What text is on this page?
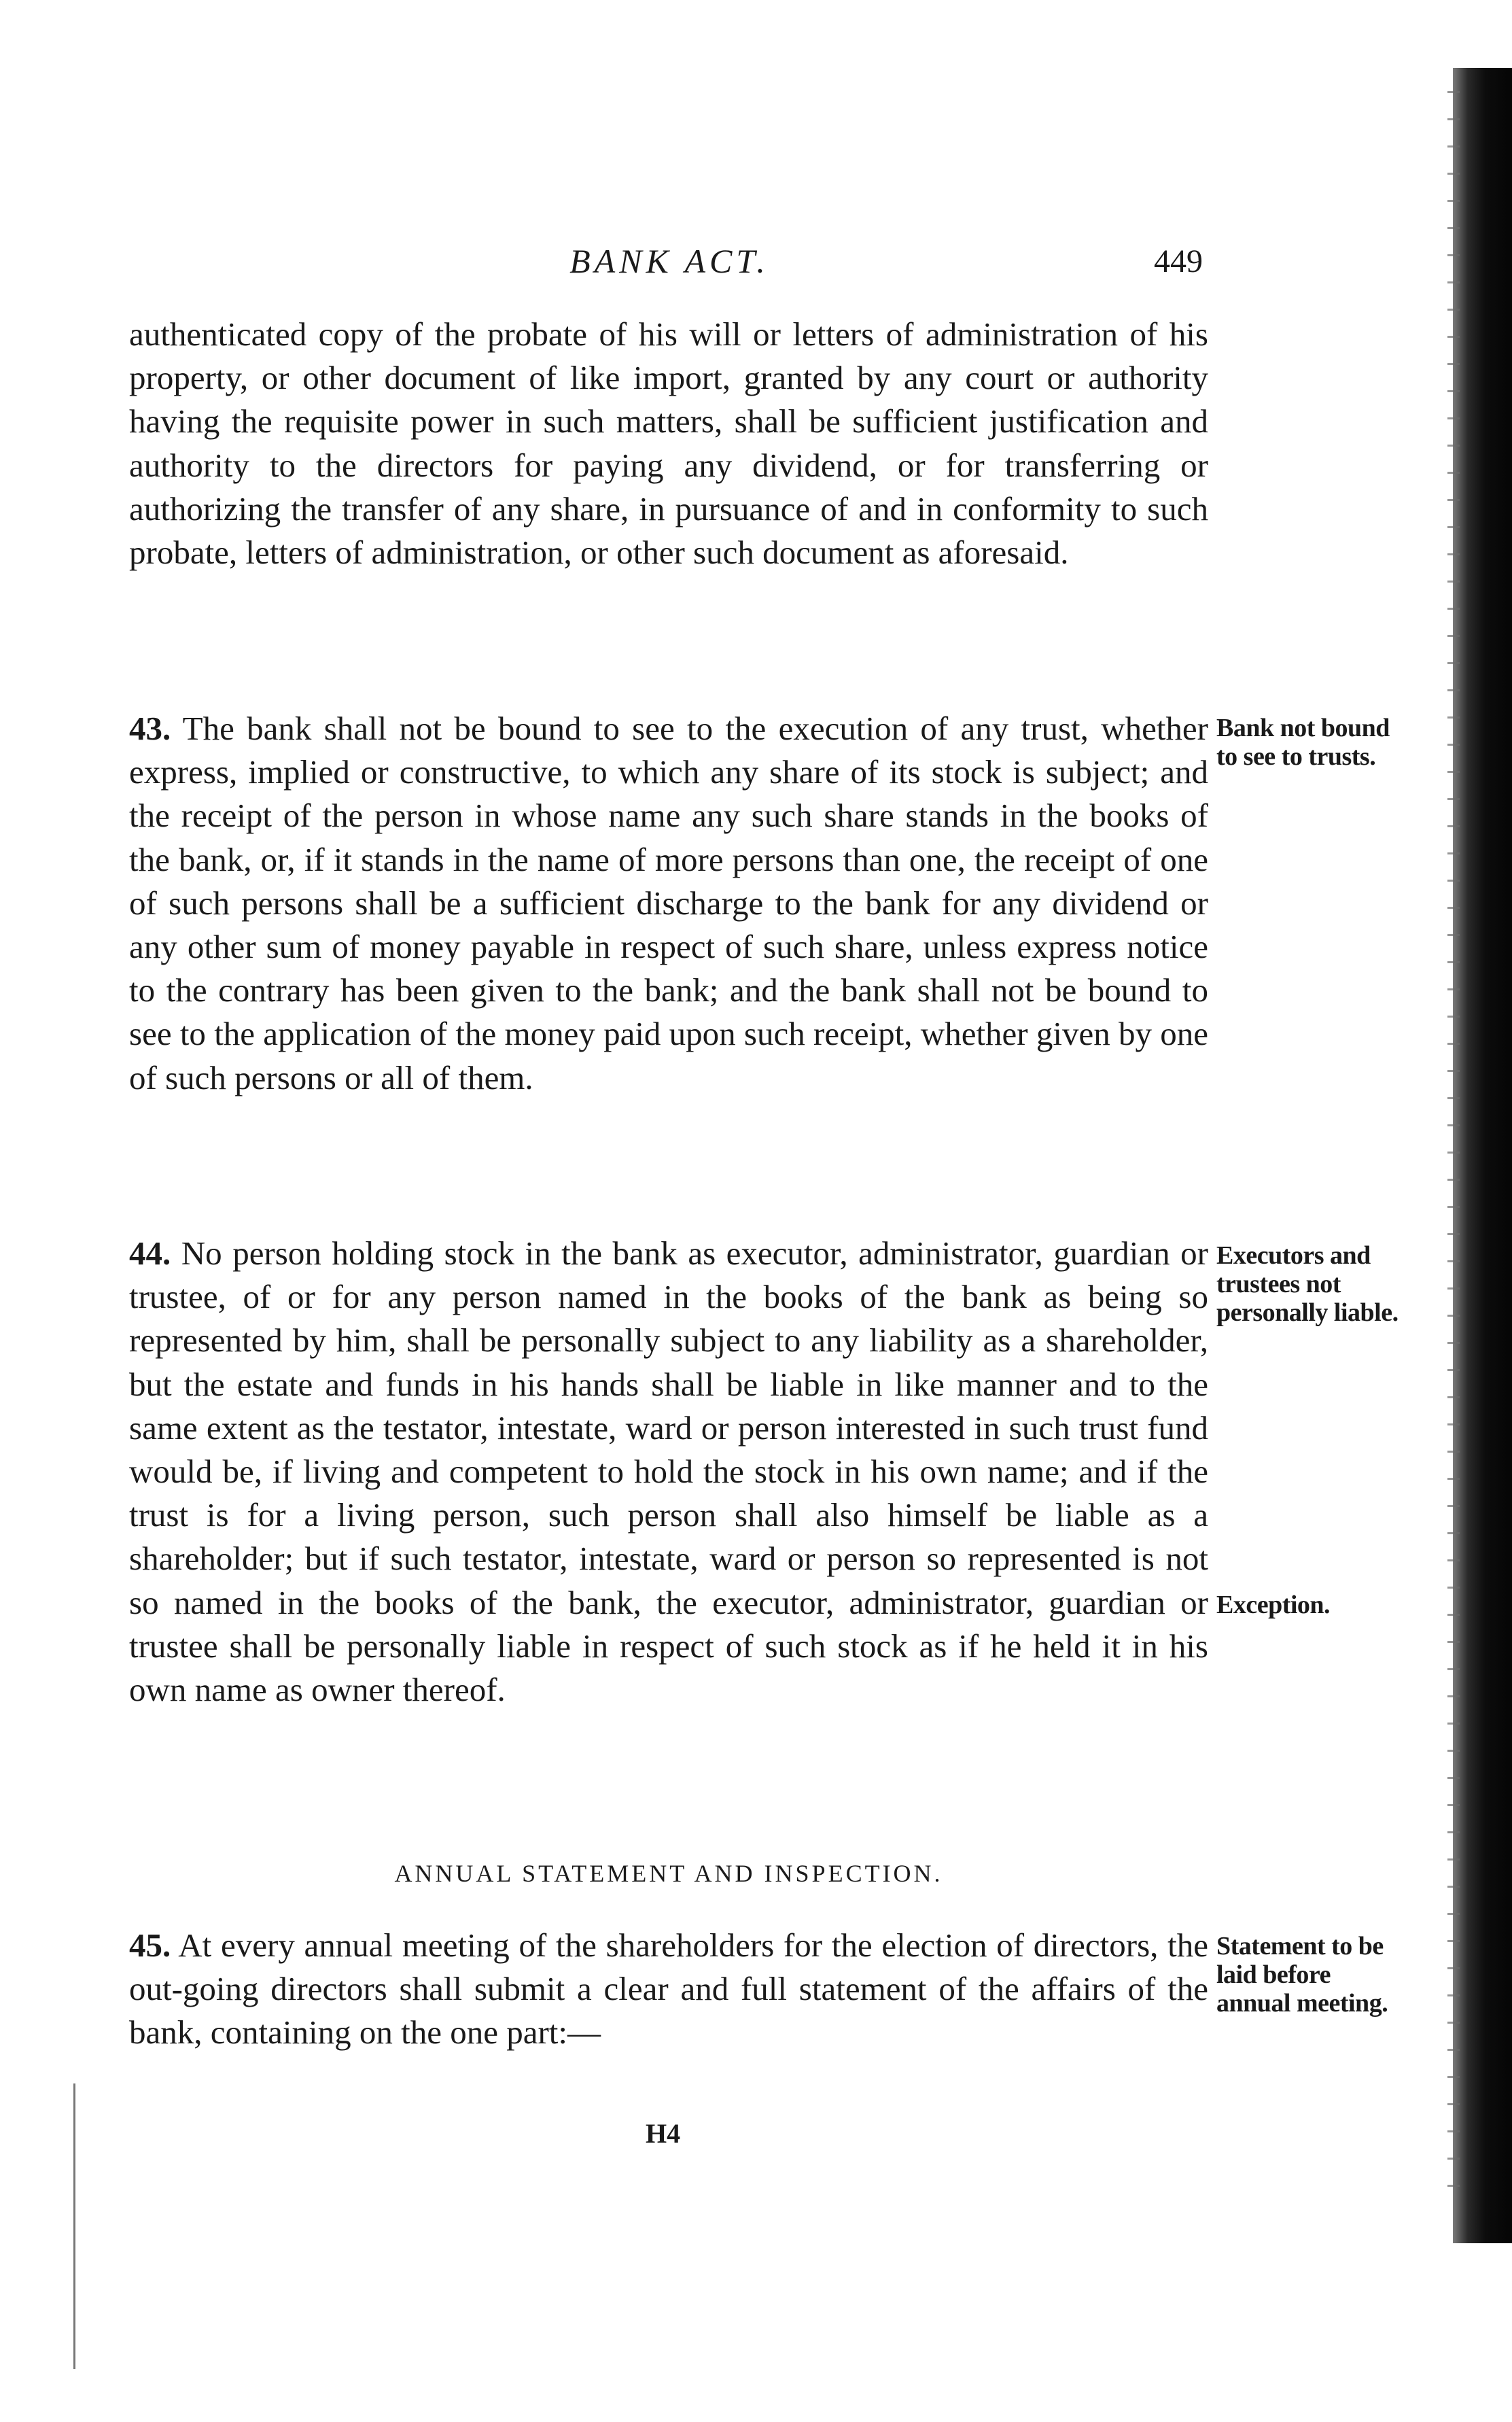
BANK ACT.	449

authenticated copy of the probate of his will or letters of administration of his property, or other document of like import, granted by any court or authority having the requisite power in such matters, shall be sufficient justification and authority to the directors for paying any dividend, or for transferring or authorizing the transfer of any share, in pursuance of and in conformity to such probate, letters of administration, or other such document as aforesaid.

43. The bank shall not be bound to see to the execution of any trust, whether express, implied or constructive, to which any share of its stock is subject; and the receipt of the person in whose name any such share stands in the books of the bank, or, if it stands in the name of more persons than one, the receipt of one of such persons shall be a sufficient discharge to the bank for any dividend or any other sum of money payable in respect of such share, unless express notice to the contrary has been given to the bank; and the bank shall not be bound to see to the application of the money paid upon such receipt, whether given by one of such persons or all of them.

Bank not bound to see to trusts.

44. No person holding stock in the bank as executor, administrator, guardian or trustee, of or for any person named in the books of the bank as being so represented by him, shall be personally subject to any liability as a shareholder, but the estate and funds in his hands shall be liable in like manner and to the same extent as the testator, intestate, ward or person interested in such trust fund would be, if living and competent to hold the stock in his own name; and if the trust is for a living person, such person shall also himself be liable as a shareholder; but if such testator, intestate, ward or person so represented is not so named in the books of the bank, the executor, administrator, guardian or trustee shall be personally liable in respect of such stock as if he held it in his own name as owner thereof.

Executors and trustees not personally liable.
Exception.
ANNUAL STATEMENT AND INSPECTION.

45. At every annual meeting of the shareholders for the election of directors, the out-going directors shall submit a clear and full statement of the affairs of the bank, containing on the one part:—

Statement to be laid before annual meeting.
H4
